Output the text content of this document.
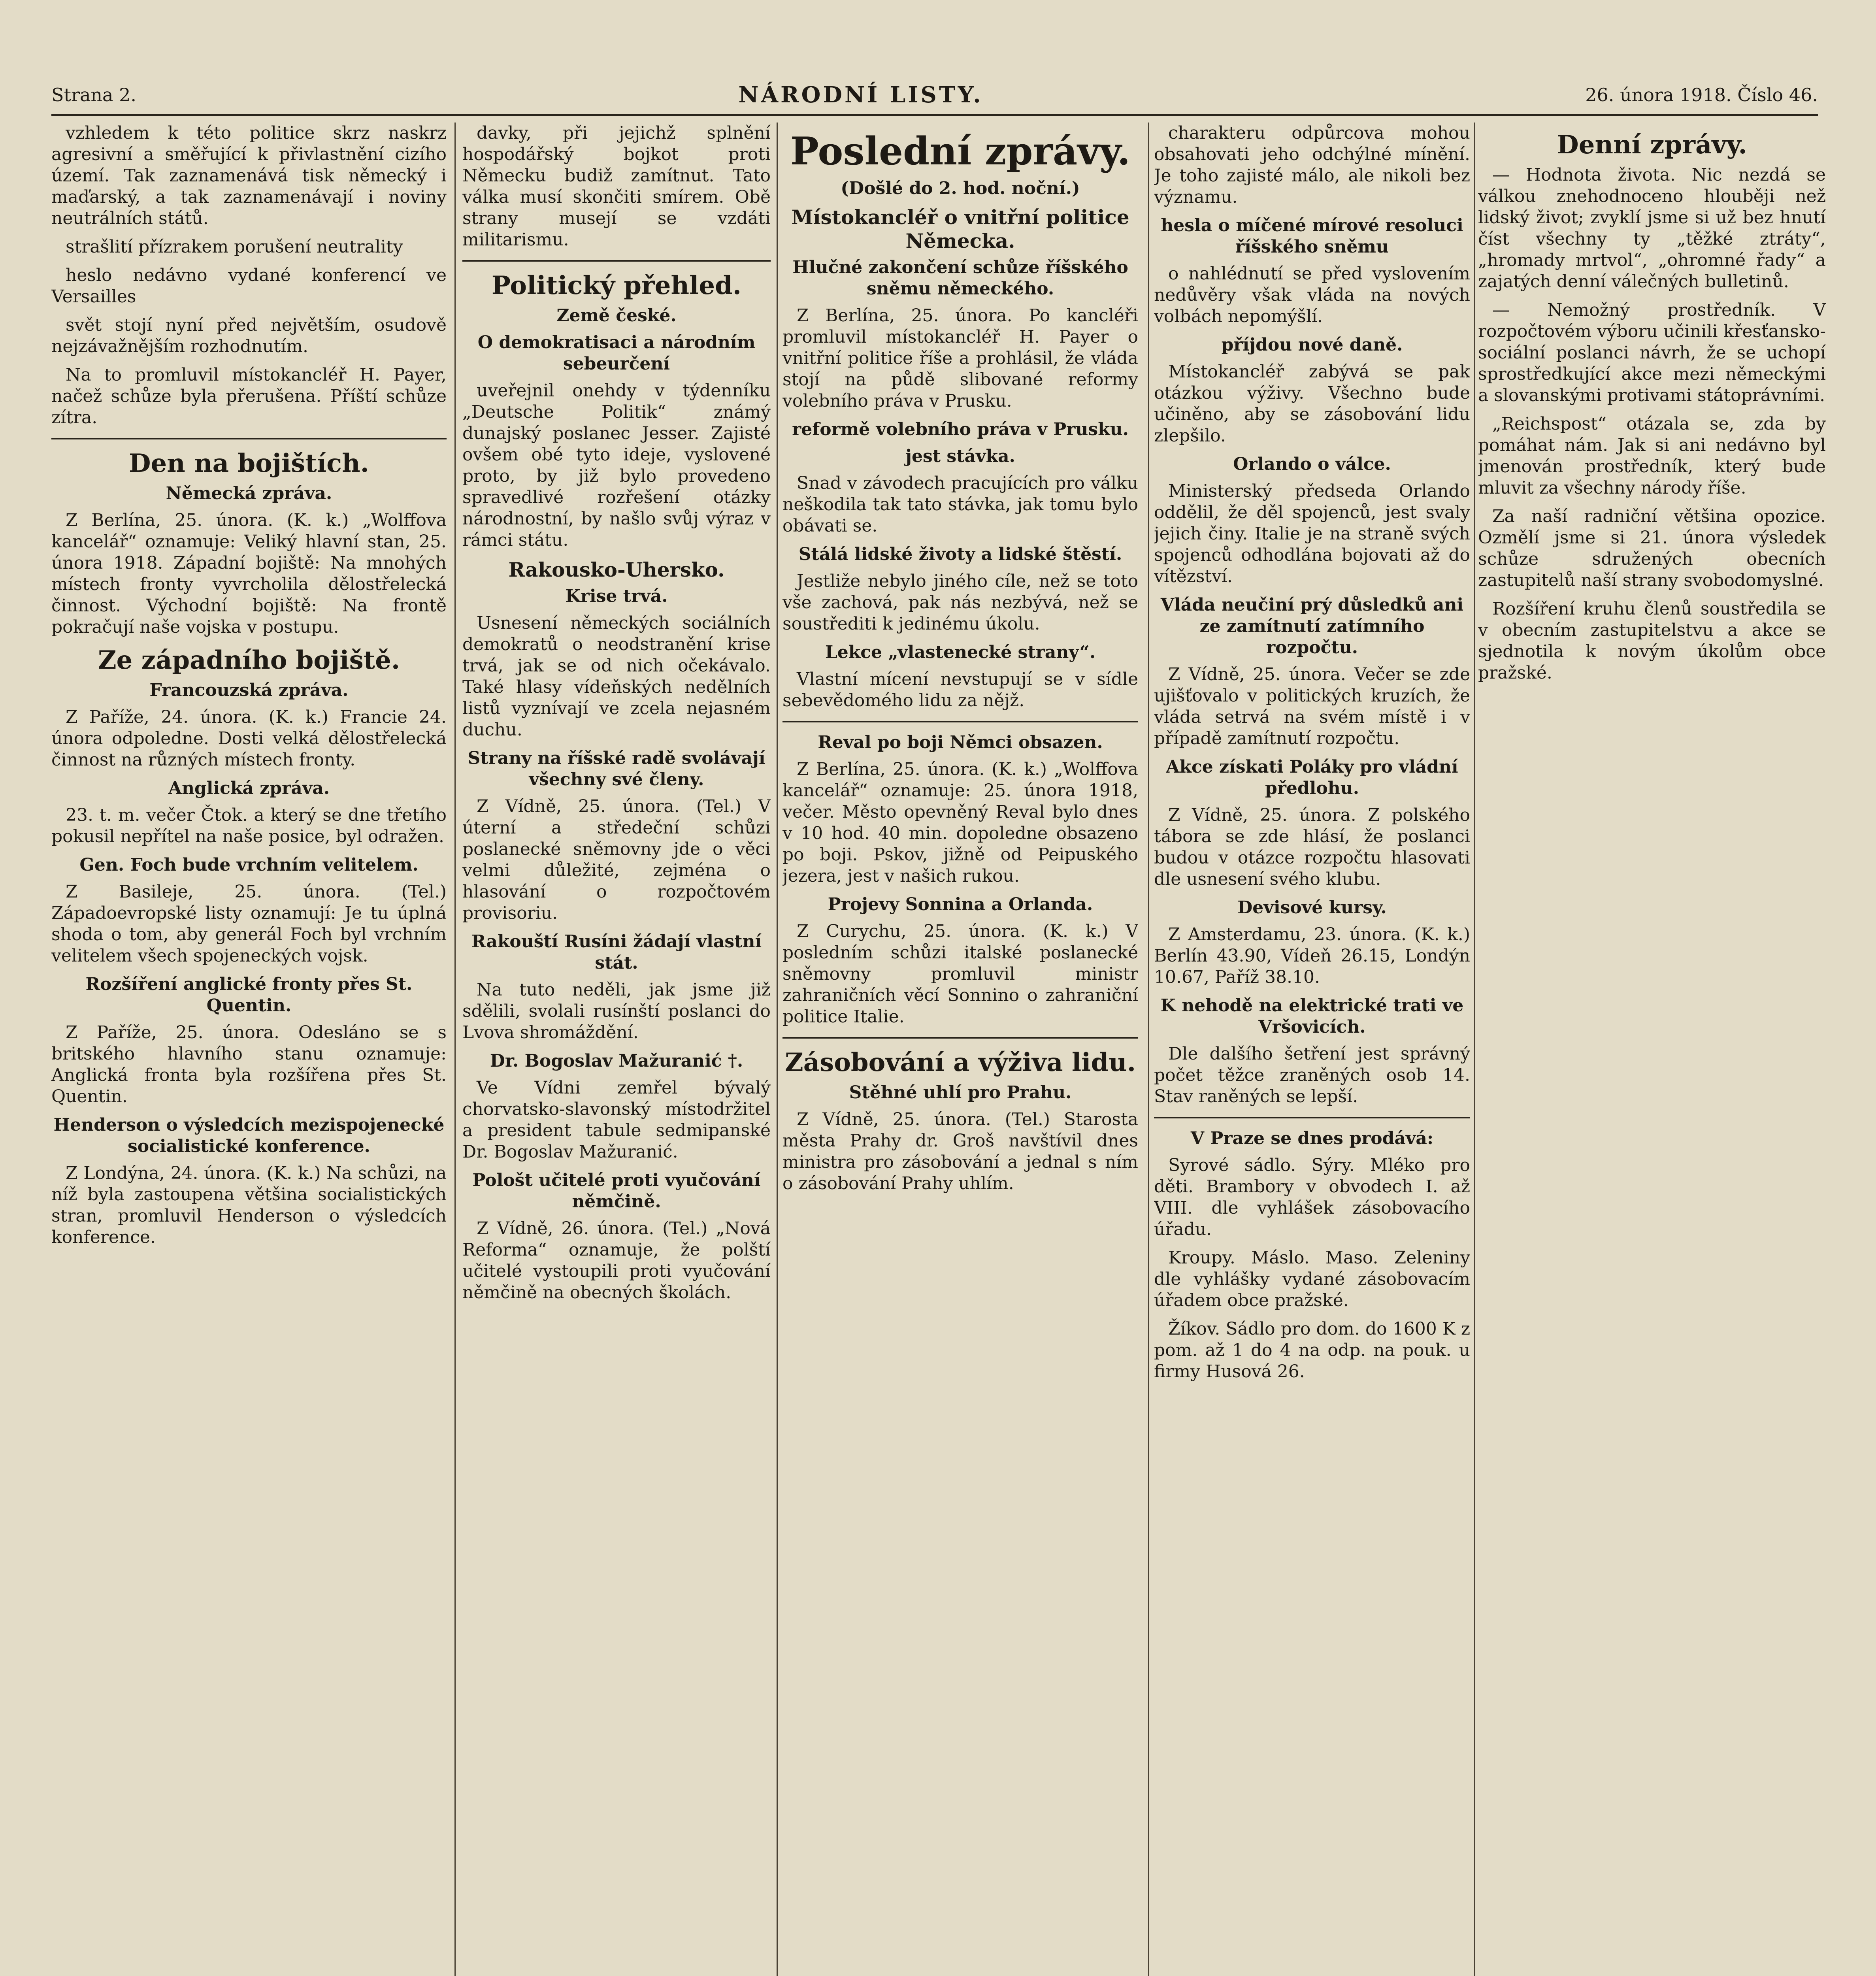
Strana 2.	NÁRODNÍ LISTY.	26. února 1918. Číslo 46.

vzhledem k této politice skrz naskrz agresivní a směřující k přivlastnění cizího území. Tak zaznamenává tisk německý i maďarský, a tak zaznamenávají i noviny neutrálních států.

strašlití přízrakem porušení neutrality

heslo nedávno vydané konferencí ve Versailles

svět stojí nyní před největším, osudově nejzávažnějším rozhodnutím.

Na to promluvil místokancléř H. Payer, načež schůze byla přerušena. Příští schůze zítra.

Den na bojištích.
Německá zpráva.

Z Berlína, 25. února. (K. k.) „Wolffova kancelář“ oznamuje: Veliký hlavní stan, 25. února 1918. Západní bojiště: Na mnohých místech fronty vyvrcholila dělostřelecká činnost. Východní bojiště: Na frontě pokračují naše vojska v postupu.

Ze západního bojiště.
Francouzská zpráva.

Z Paříže, 24. února. (K. k.) Francie 24. února odpoledne. Dosti velká dělostřelecká činnost na různých místech fronty.

Anglická zpráva.

23. t. m. večer Čtok. a který se dne třetího pokusil nepřítel na naše posice, byl odražen.

Gen. Foch bude vrchním velitelem.

Z Basileje, 25. února. (Tel.) Západoevropské listy oznamují: Je tu úplná shoda o tom, aby generál Foch byl vrchním velitelem všech spojeneckých vojsk.

Rozšíření anglické fronty přes St. Quentin.

Z Paříže, 25. února. Odesláno se s britského hlavního stanu oznamuje: Anglická fronta byla rozšířena přes St. Quentin.

Henderson o výsledcích mezispojenecké socialistické konference.

Z Londýna, 24. února. (K. k.) Na schůzi, na níž byla zastoupena většina socialistických stran, promluvil Henderson o výsledcích konference.

davky, při jejichž splnění hospodářský bojkot proti Německu budiž zamítnut. Tato válka musí skončiti smírem. Obě strany musejí se vzdáti militarismu.

Politický přehled.
Země české.
O demokratisaci a národním sebeurčení

uveřejnil onehdy v týdenníku „Deutsche Politik“ známý dunajský poslanec Jesser. Zajisté ovšem obé tyto ideje, vyslovené proto, by již bylo provedeno spravedlivé rozřešení otázky národnostní, by našlo svůj výraz v rámci státu.

Rakousko-Uhersko.
Krise trvá.

Usnesení německých sociálních demokratů o neodstranění krise trvá, jak se od nich očekávalo. Také hlasy vídeňských nedělních listů vyznívají ve zcela nejasném duchu.

Strany na říšské radě svolávají všechny své členy.

Z Vídně, 25. února. (Tel.) V úterní a středeční schůzi poslanecké sněmovny jde o věci velmi důležité, zejména o hlasování o rozpočtovém provisoriu.

Rakouští Rusíni žádají vlastní stát.

Na tuto neděli, jak jsme již sdělili, svolali rusínští poslanci do Lvova shromáždění.

Dr. Bogoslav Mažuranić †.

Ve Vídni zemřel bývalý chorvatsko-slavonský místodržitel a president tabule sedmipanské Dr. Bogoslav Mažuranić.

Pološt učitelé proti vyučování němčině.

Z Vídně, 26. února. (Tel.) „Nová Reforma“ oznamuje, že polští učitelé vystoupili proti vyučování němčině na obecných školách.

Poslední zprávy.
(Došlé do 2. hod. noční.)
Místokancléř o vnitřní politice Německa.
Hlučné zakončení schůze říšského sněmu německého.

Z Berlína, 25. února. Po kancléři promluvil místokancléř H. Payer o vnitřní politice říše a prohlásil, že vláda stojí na půdě slibované reformy volebního práva v Prusku.

reformě volebního práva v Prusku.
jest stávka.

Snad v závodech pracujících pro válku neškodila tak tato stávka, jak tomu bylo obávati se.

Stálá lidské životy a lidské štěstí.

Jestliže nebylo jiného cíle, než se toto vše zachová, pak nás nezbývá, než se soustřediti k jedinému úkolu.

Lekce „vlastenecké strany“.

Vlastní mícení nevstupují se v sídle sebevědomého lidu za nějž.

Reval po boji Němci obsazen.

Z Berlína, 25. února. (K. k.) „Wolffova kancelář“ oznamuje: 25. února 1918, večer. Město opevněný Reval bylo dnes v 10 hod. 40 min. dopoledne obsazeno po boji. Pskov, jižně od Peipuského jezera, jest v našich rukou.

Projevy Sonnina a Orlanda.

Z Curychu, 25. února. (K. k.) V posledním schůzi italské poslanecké sněmovny promluvil ministr zahraničních věcí Sonnino o zahraniční politice Italie.

Zásobování a výživa lidu.
Stěhné uhlí pro Prahu.

Z Vídně, 25. února. (Tel.) Starosta města Prahy dr. Groš navštívil dnes ministra pro zásobování a jednal s ním o zásobování Prahy uhlím.

charakteru odpůrcova mohou obsahovati jeho odchýlné mínění. Je toho zajisté málo, ale nikoli bez významu.

hesla o míčené mírové resoluci říšského sněmu

o nahlédnutí se před vyslovením nedůvěry však vláda na nových volbách nepomýšlí.

příjdou nové daně.

Místokancléř zabývá se pak otázkou výživy. Všechno bude učiněno, aby se zásobování lidu zlepšilo.

Orlando o válce.

Ministerský předseda Orlando oddělil, že děl spojenců, jest svaly jejich činy. Italie je na straně svých spojenců odhodlána bojovati až do vítězství.

Vláda neučiní prý důsledků ani ze zamítnutí zatímního rozpočtu.

Z Vídně, 25. února. Večer se zde ujišťovalo v politických kruzích, že vláda setrvá na svém místě i v případě zamítnutí rozpočtu.

Akce získati Poláky pro vládní předlohu.

Z Vídně, 25. února. Z polského tábora se zde hlásí, že poslanci budou v otázce rozpočtu hlasovati dle usnesení svého klubu.

Devisové kursy.

Z Amsterdamu, 23. února. (K. k.) Berlín 43.90, Vídeň 26.15, Londýn 10.67, Paříž 38.10.

K nehodě na elektrické trati ve Vršovicích.

Dle dalšího šetření jest správný počet těžce zraněných osob 14. Stav raněných se lepší.

V Praze se dnes prodává:

Syrové sádlo. Sýry. Mléko pro děti. Brambory v obvodech I. až VIII. dle vyhlášek zásobovacího úřadu.

Kroupy. Máslo. Maso. Zeleniny dle vyhlášky vydané zásobovacím úřadem obce pražské.

Žíkov. Sádlo pro dom. do 1600 K z pom. až 1 do 4 na odp. na pouk. u firmy Husová 26.

Denní zprávy.

— Hodnota života. Nic nezdá se válkou znehodnoceno hlouběji než lidský život; zvyklí jsme si už bez hnutí číst všechny ty „těžké ztráty“, „hromady mrtvol“, „ohromné řady“ a zajatých denní válečných bulletinů.

— Nemožný prostředník. V rozpočtovém výboru učinili křesťansko-sociální poslanci návrh, že se uchopí sprostředkující akce mezi německými a slovanskými protivami státoprávními.

„Reichspost“ otázala se, zda by pomáhat nám. Jak si ani nedávno byl jmenován prostředník, který bude mluvit za všechny národy říše.

Za naší radniční většina opozice. Ozmělí jsme si 21. února výsledek schůze sdružených obecních zastupitelů naší strany svobodomyslné.

Rozšíření kruhu členů soustředila se v obecním zastupitelstvu a akce se sjednotila k novým úkolům obce pražské.
